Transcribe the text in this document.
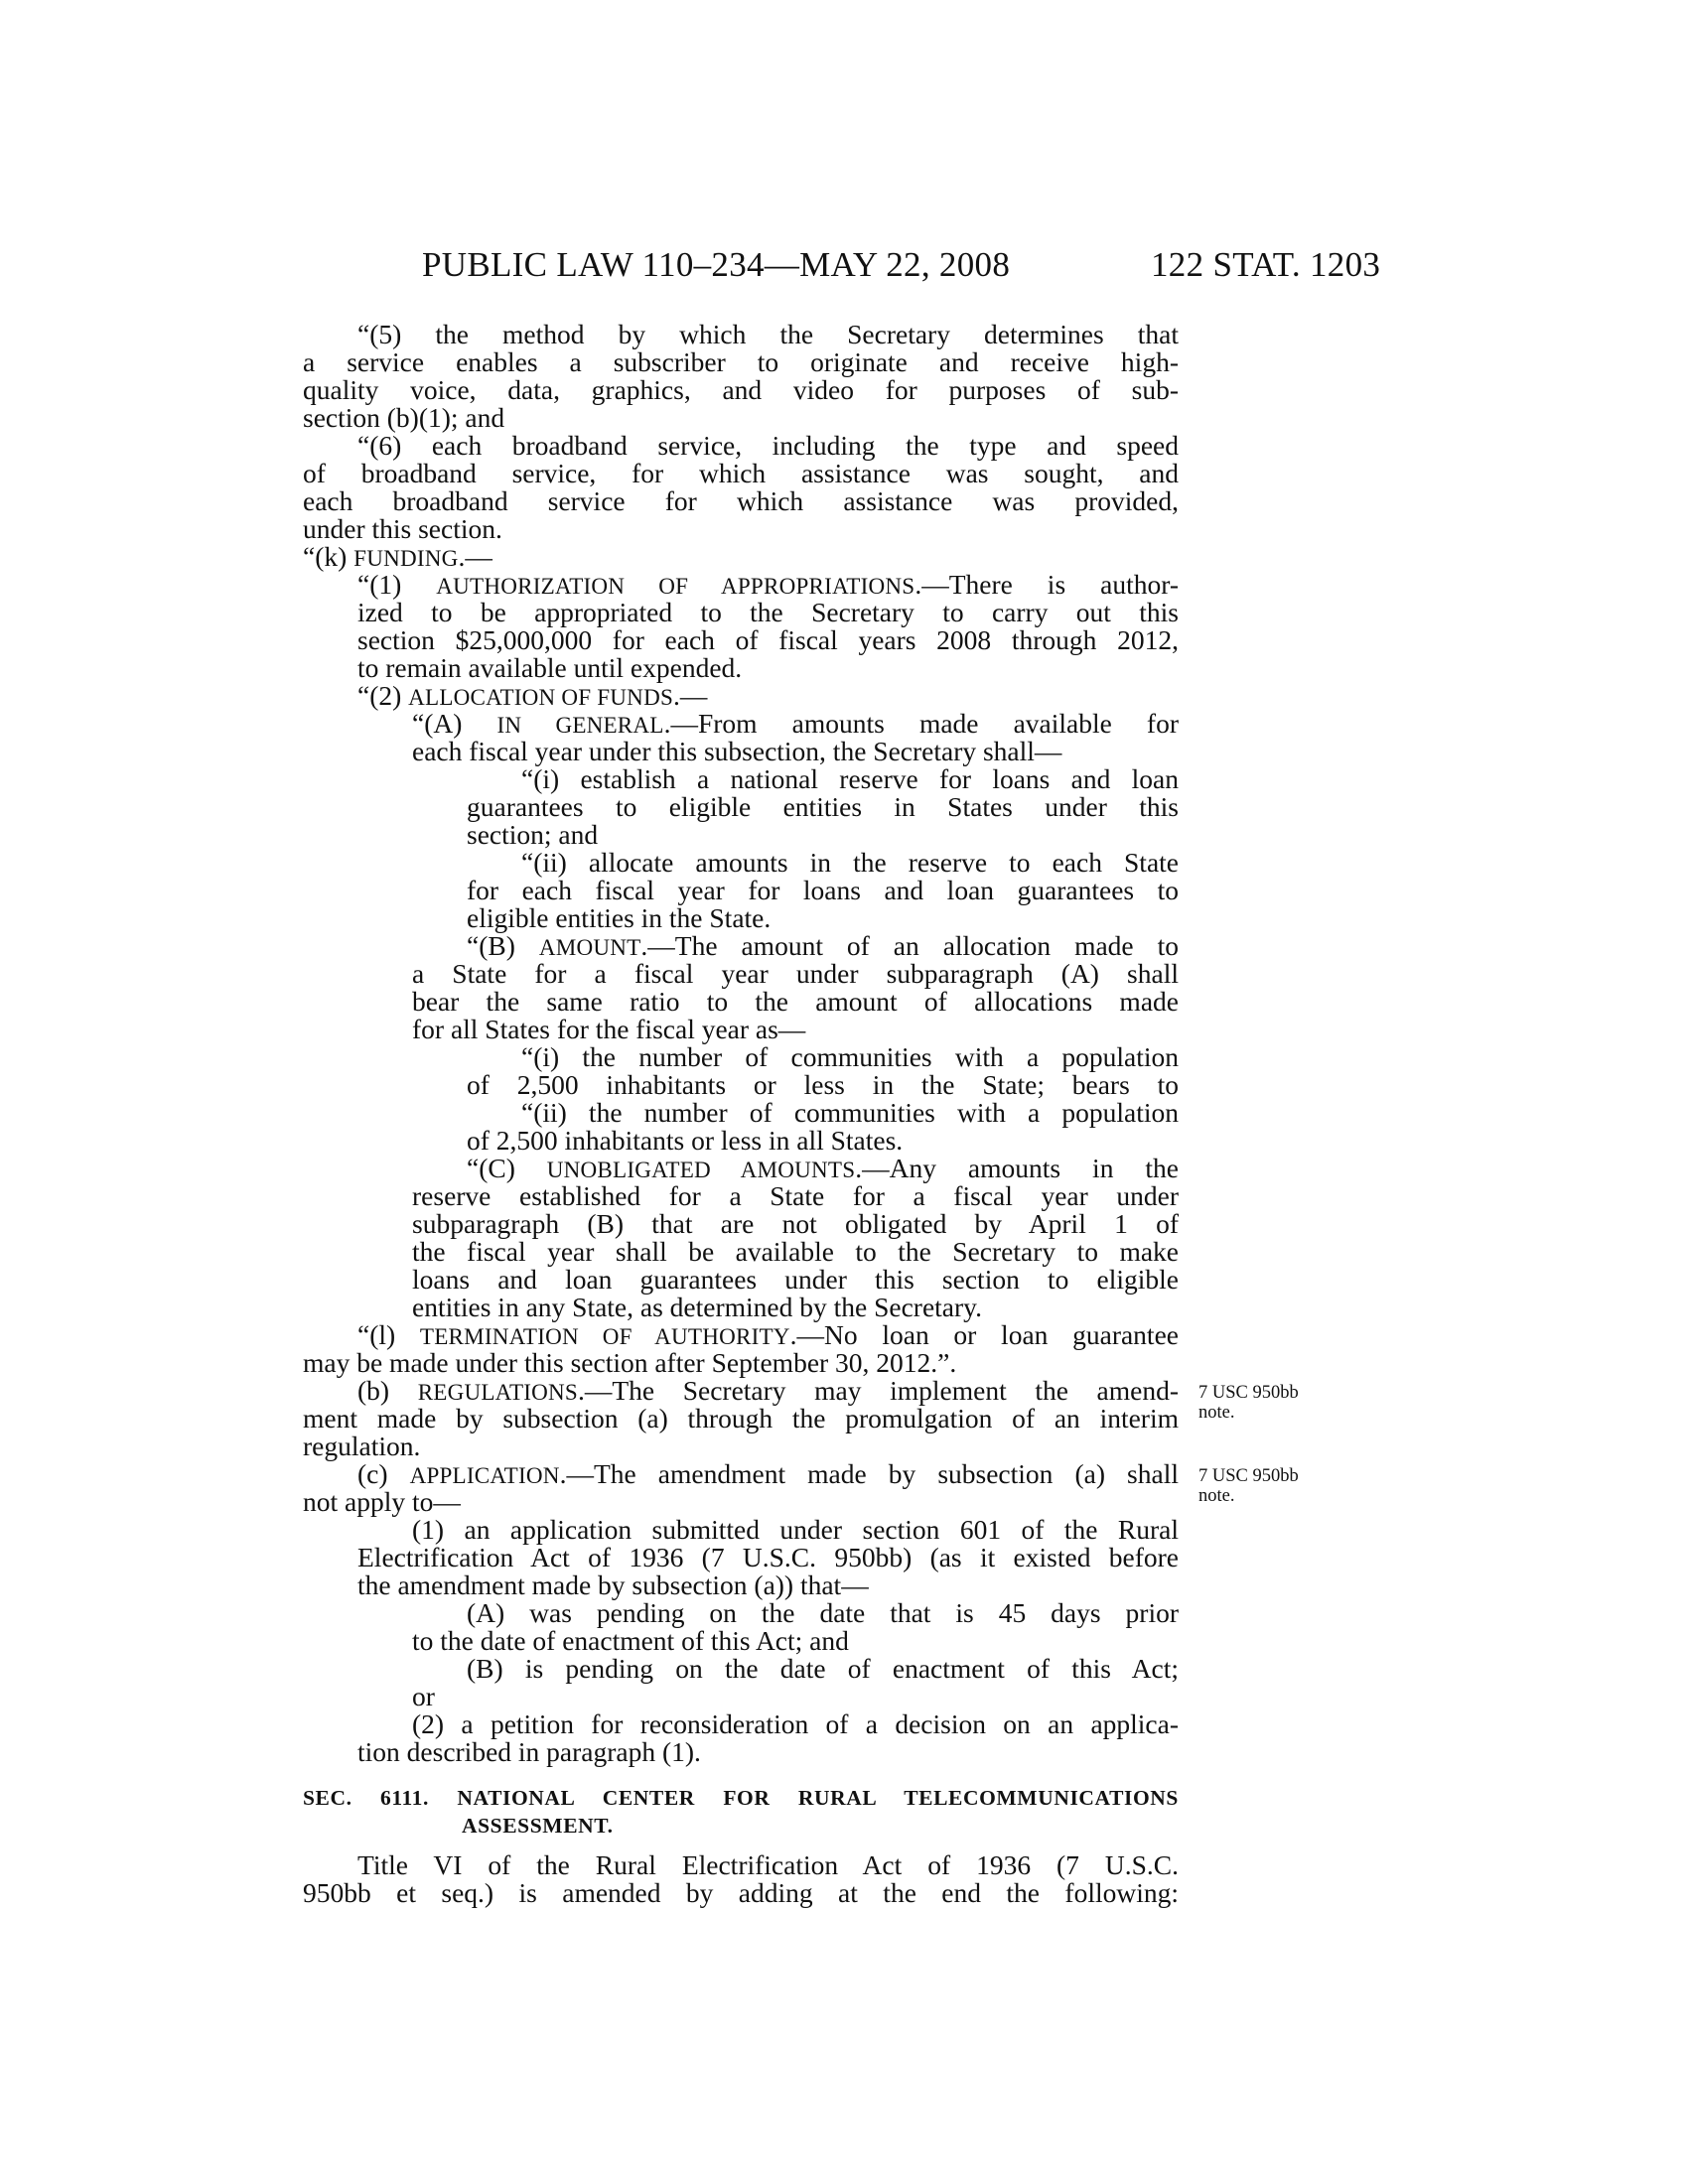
PUBLIC LAW 110–234—MAY 22, 2008	122 STAT. 1203
“(5) the method by which the Secretary determines that
a service enables a subscriber to originate and receive high-
quality voice, data, graphics, and video for purposes of sub-
section (b)(1); and
“(6) each broadband service, including the type and speed
of broadband service, for which assistance was sought, and
each broadband service for which assistance was provided,
under this section.
“(k) FUNDING.—
“(1) AUTHORIZATION OF APPROPRIATIONS.—There is author-
ized to be appropriated to the Secretary to carry out this
section $25,000,000 for each of fiscal years 2008 through 2012,
to remain available until expended.
“(2) ALLOCATION OF FUNDS.—
“(A) IN GENERAL.—From amounts made available for
each fiscal year under this subsection, the Secretary shall—
“(i) establish a national reserve for loans and loan
guarantees to eligible entities in States under this
section; and
“(ii) allocate amounts in the reserve to each State
for each fiscal year for loans and loan guarantees to
eligible entities in the State.
“(B) AMOUNT.—The amount of an allocation made to
a State for a fiscal year under subparagraph (A) shall
bear the same ratio to the amount of allocations made
for all States for the fiscal year as—
“(i) the number of communities with a population
of 2,500 inhabitants or less in the State; bears to
“(ii) the number of communities with a population
of 2,500 inhabitants or less in all States.
“(C) UNOBLIGATED AMOUNTS.—Any amounts in the
reserve established for a State for a fiscal year under
subparagraph (B) that are not obligated by April 1 of
the fiscal year shall be available to the Secretary to make
loans and loan guarantees under this section to eligible
entities in any State, as determined by the Secretary.
“(l) TERMINATION OF AUTHORITY.—No loan or loan guarantee
may be made under this section after September 30, 2012.”.
(b) REGULATIONS.—The Secretary may implement the amend-
ment made by subsection (a) through the promulgation of an interim
regulation.
(c) APPLICATION.—The amendment made by subsection (a) shall
not apply to—
(1) an application submitted under section 601 of the Rural
Electrification Act of 1936 (7 U.S.C. 950bb) (as it existed before
the amendment made by subsection (a)) that—
(A) was pending on the date that is 45 days prior
to the date of enactment of this Act; and
(B) is pending on the date of enactment of this Act;
or
(2) a petition for reconsideration of a decision on an applica-
tion described in paragraph (1).
SEC. 6111. NATIONAL CENTER FOR RURAL TELECOMMUNICATIONS
ASSESSMENT.
Title VI of the Rural Electrification Act of 1936 (7 U.S.C.
950bb et seq.) is amended by adding at the end the following:
7 USC 950bb
note.
7 USC 950bb
note.
